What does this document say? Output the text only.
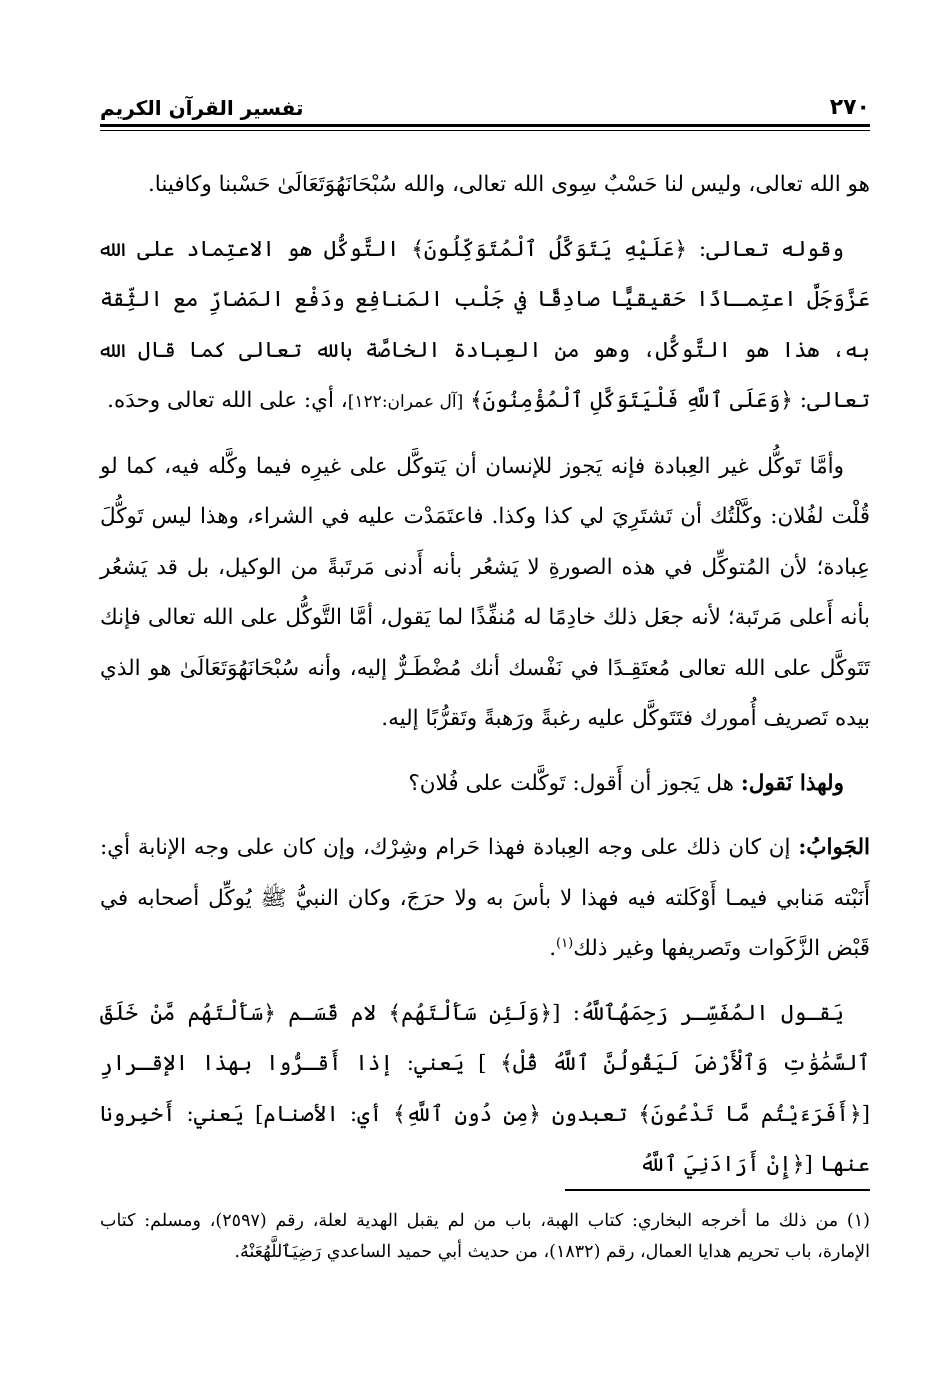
٢٧٠
تفسير القرآن الكريم

هو الله تعالى، وليس لنا حَسْبٌ سِوى الله تعالى، والله سُبْحَانَهُوَتَعَالَىٰ حَسْبنا وكافينا.

وقوله تعالى: ﴿عَلَيْهِ يَتَوَكَّلُ ٱلْمُتَوَكِّلُونَ﴾ التَّوكُّل هو الاعتِماد على الله عَزَّوَجَلَّ اعتِمـادًا حَقيقيًّا صادِقًا في جَلْب المَنافِع ودَفْع المَضارِّ مع الثِّقة به، هذا هو التَّوكُّل، وهو من العِبادة الخاصَّة بالله تعالى كما قال الله تعالى: ﴿وَعَلَى ٱللَّهِ فَلْيَتَوَكَّلِ ٱلْمُؤْمِنُونَ﴾ [آل عمران:١٢٢]، أي: على الله تعالى وحدَه.

وأمَّا تَوكُّل غير العِبادة فإنه يَجوز للإنسان أن يَتوكَّل على غيرِه فيما وكَّله فيه، كما لو قُلْت لفُلان: وكَّلْتُك أن تَشتَرِيَ لي كذا وكذا. فاعتَمَدْت عليه في الشراء، وهذا ليس تَوكُّلَ عِبادة؛ لأن المُتوكِّل في هذه الصورةِ لا يَشعُر بأنه أَدنى مَرتَبةً من الوكيل، بل قد يَشعُر بأنه أَعلى مَرتَبة؛ لأنه جعَل ذلك خادِمًا له مُنفِّذًا لما يَقول، أمَّا التَّوكُّل على الله تعالى فإنك تَتَوكَّل على الله تعالى مُعتَقِـدًا في نَفْسك أنك مُضْطَـرٌّ إليه، وأنه سُبْحَانَهُوَتَعَالَىٰ هو الذي بيده تَصريف أُمورك فتَتَوكَّل عليه رغبةً ورَهبةً وتَقرُّبًا إليه.

ولهذا نَقول: هل يَجوز أن أَقول: تَوكَّلت على فُلان؟

الجَوابُ: إن كان ذلك على وجه العِبادة فهذا حَرام وشِرْك، وإن كان على وجه الإنابة أي: أَنَبْته مَنابي فيمـا أَوْكَلته فيه فهذا لا بأسَ به ولا حرَجَ، وكان النبيُّ ﷺ يُوكِّل أصحابه في قَبْض الزَّكَوات وتَصريفها وغير ذلك$^{(١)}$.

يَقـول المُفَسِّـر رَحِمَهُٱللَّهُ: [﴿وَلَئِن سَأَلْتَهُم﴾ لام قَسَـم ﴿سَأَلْتَهُم مَّنْ خَلَقَ ٱلسَّمَٰوَٰتِ وَٱلْأَرْضَ لَيَقُولُنَّ ٱللَّهُ قُلْ﴾ ] يَعني: إذا أَقـرُّوا بهذا الإقـرارِ [﴿أَفَرَءَيْتُم مَّا تَدْعُونَ﴾ تعبدون ﴿مِن دُونِ ٱللَّهِ﴾ أي: الأصنام] يَعني: أَخبِرونا عنها [﴿إِنْ أَرَادَنِيَ ٱللَّهُ

(١) من ذلك ما أخرجه البخاري: كتاب الهبة، باب من لم يقبل الهدية لعلة، رقم (٢٥٩٧)، ومسلم: كتاب الإمارة، باب تحريم هدايا العمال، رقم (١٨٣٢)، من حديث أبي حميد الساعدي رَضِيَٱللَّهُعَنْهُ.
